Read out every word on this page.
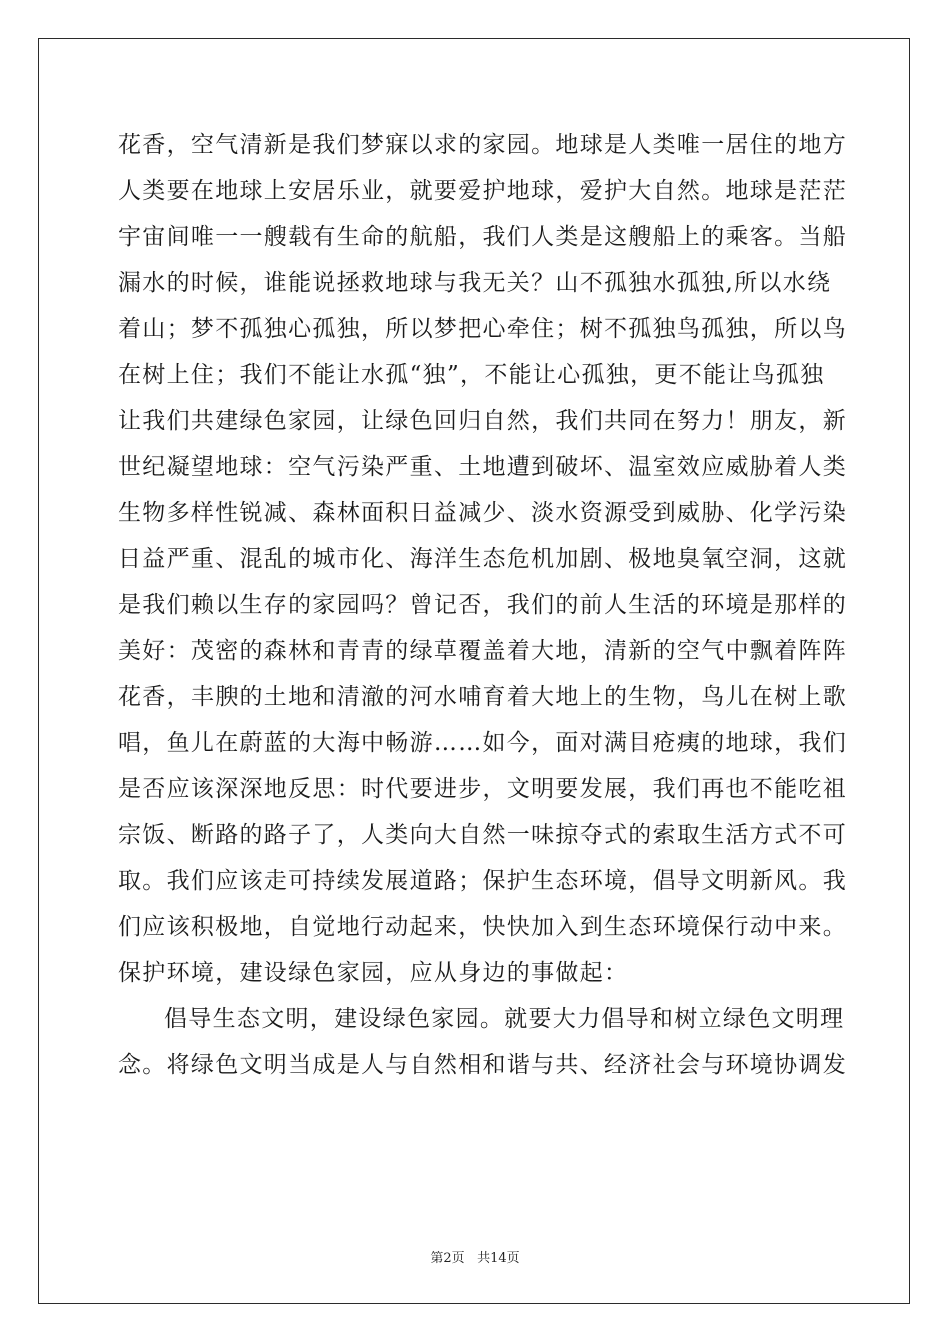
花香，空气清新是我们梦寐以求的家园。地球是人类唯一居住的地方
人类要在地球上安居乐业，就要爱护地球，爱护大自然。地球是茫茫
宇宙间唯一一艘载有生命的航船，我们人类是这艘船上的乘客。当船
漏水的时候，谁能说拯救地球与我无关？山不孤独水孤独,所以水绕
着山；梦不孤独心孤独，所以梦把心牵住；树不孤独鸟孤独，所以鸟
在树上住；我们不能让水孤“独”，不能让心孤独，更不能让鸟孤独
让我们共建绿色家园，让绿色回归自然，我们共同在努力！朋友，新
世纪凝望地球：空气污染严重、土地遭到破坏、温室效应威胁着人类
生物多样性锐减、森林面积日益减少、淡水资源受到威胁、化学污染
日益严重、混乱的城市化、海洋生态危机加剧、极地臭氧空洞，这就
是我们赖以生存的家园吗？曾记否，我们的前人生活的环境是那样的
美好：茂密的森林和青青的绿草覆盖着大地，清新的空气中飘着阵阵
花香，丰腴的土地和清澈的河水哺育着大地上的生物，鸟儿在树上歌
唱，鱼儿在蔚蓝的大海中畅游……如今，面对满目疮痍的地球，我们
是否应该深深地反思：时代要进步，文明要发展，我们再也不能吃祖
宗饭、断路的路子了，人类向大自然一味掠夺式的索取生活方式不可
取。我们应该走可持续发展道路；保护生态环境，倡导文明新风。我
们应该积极地，自觉地行动起来，快快加入到生态环境保行动中来。
保护环境，建设绿色家园，应从身边的事做起：
倡导生态文明，建设绿色家园。就要大力倡导和树立绿色文明理
念。将绿色文明当成是人与自然相和谐与共、经济社会与环境协调发
第2页 共14页
